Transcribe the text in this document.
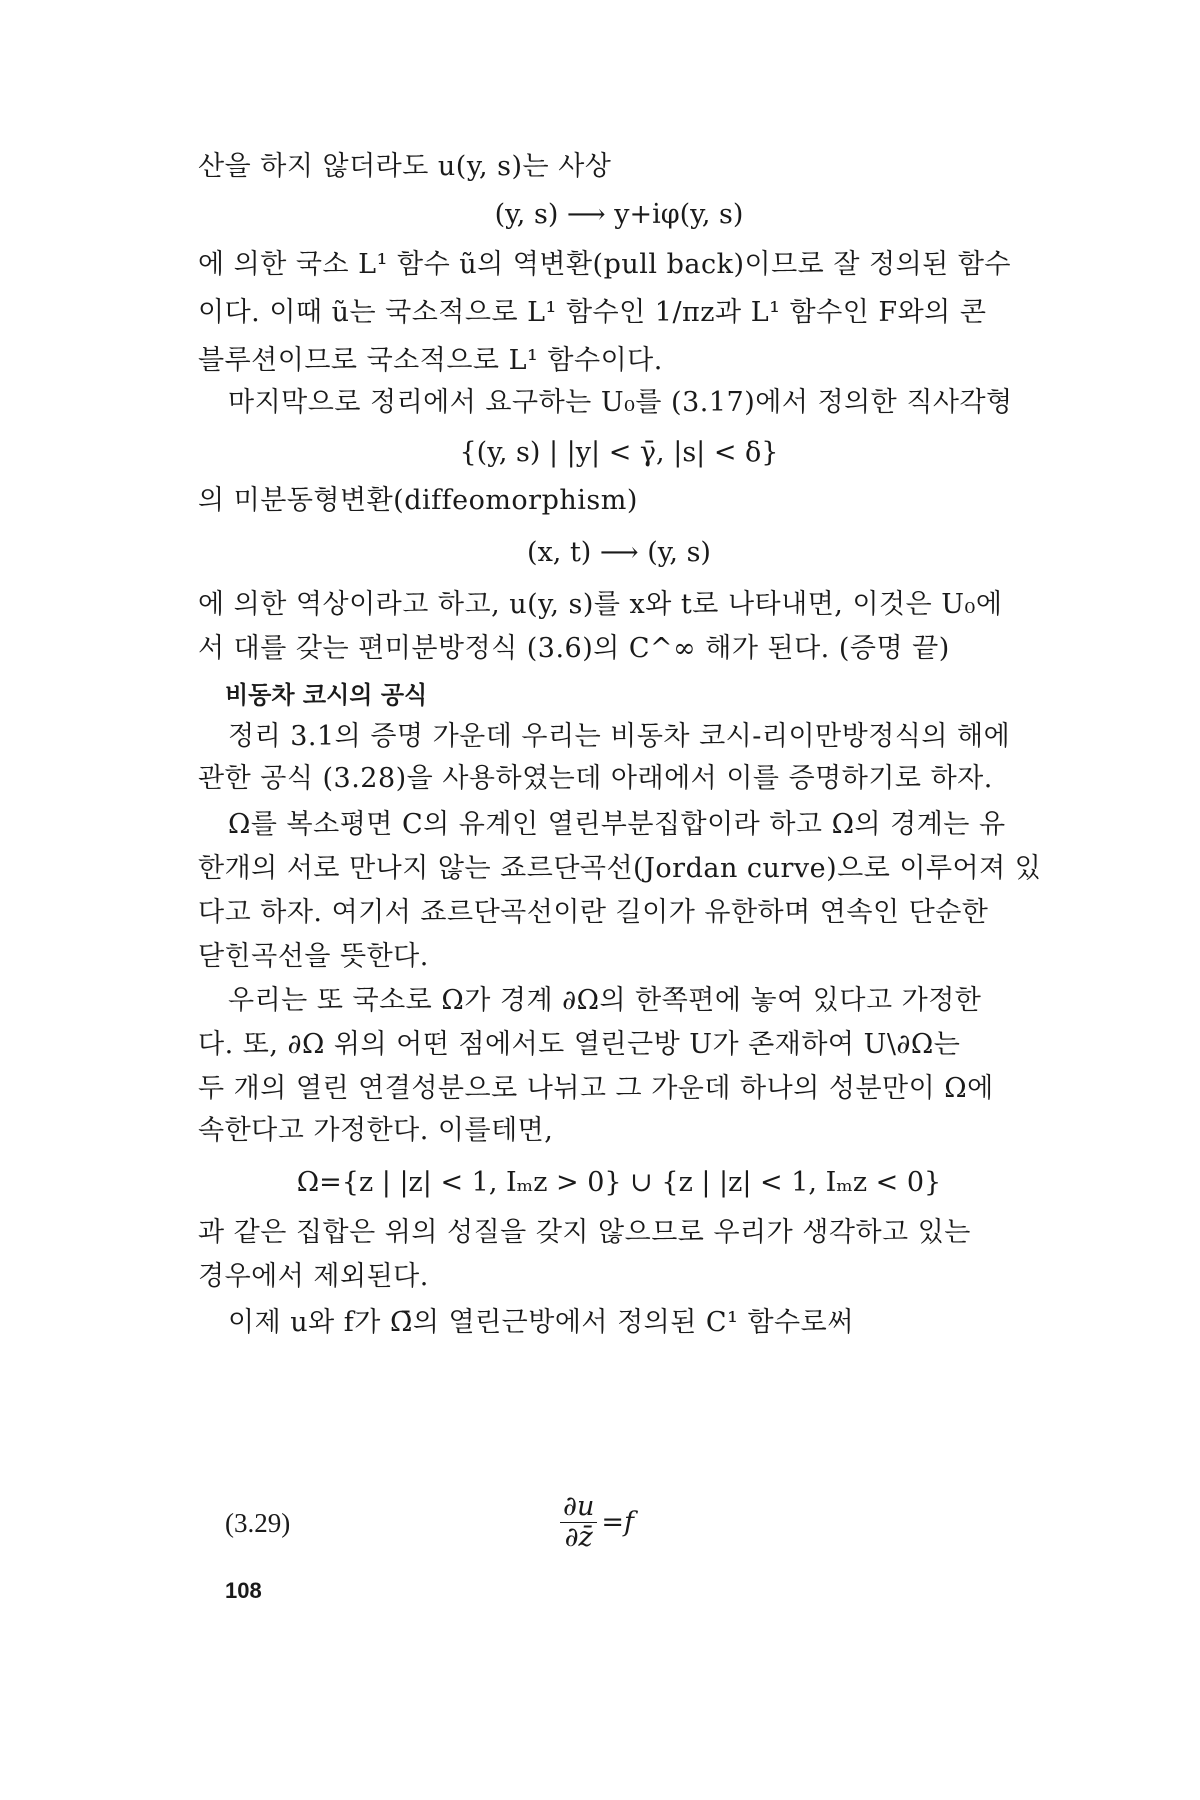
산을 하지 않더라도 u(y, s)는 사상
(y, s) ⟶ y+iφ(y, s)
에 의한 국소 L¹ 함수 ũ의 역변환(pull back)이므로 잘 정의된 함수
이다. 이때 ũ는 국소적으로 L¹ 함수인 1/πz과 L¹ 함수인 F와의 콘
블루션이므로 국소적으로 L¹ 함수이다.
마지막으로 정리에서 요구하는 U₀를 (3.17)에서 정의한 직사각형
{(y, s) | |y| < γ̄, |s| < δ}
의 미분동형변환(diffeomorphism)
(x, t) ⟶ (y, s)
에 의한 역상이라고 하고, u(y, s)를 x와 t로 나타내면, 이것은 U₀에
서 대를 갖는 편미분방정식 (3.6)의 C^∞ 해가 된다. (증명 끝)
비동차 코시의 공식
정리 3.1의 증명 가운데 우리는 비동차 코시-리이만방정식의 해에
관한 공식 (3.28)을 사용하였는데 아래에서 이를 증명하기로 하자.
Ω를 복소평면 C의 유계인 열린부분집합이라 하고 Ω의 경계는 유
한개의 서로 만나지 않는 죠르단곡선(Jordan curve)으로 이루어져 있
다고 하자. 여기서 죠르단곡선이란 길이가 유한하며 연속인 단순한
닫힌곡선을 뜻한다.
우리는 또 국소로 Ω가 경계 ∂Ω의 한쪽편에 놓여 있다고 가정한
다. 또, ∂Ω 위의 어떤 점에서도 열린근방 U가 존재하여 U\∂Ω는
두 개의 열린 연결성분으로 나뉘고 그 가운데 하나의 성분만이 Ω에
속한다고 가정한다. 이를테면,
Ω={z | |z| < 1, Iₘz > 0} ∪ {z | |z| < 1, Iₘz < 0}
과 같은 집합은 위의 성질을 갖지 않으므로 우리가 생각하고 있는
경우에서 제외된다.
이제 u와 f가 Ω̄의 열린근방에서 정의된 C¹ 함수로써
(3.29)	$\frac{\partial u}{\partial z̄} =f$
108
